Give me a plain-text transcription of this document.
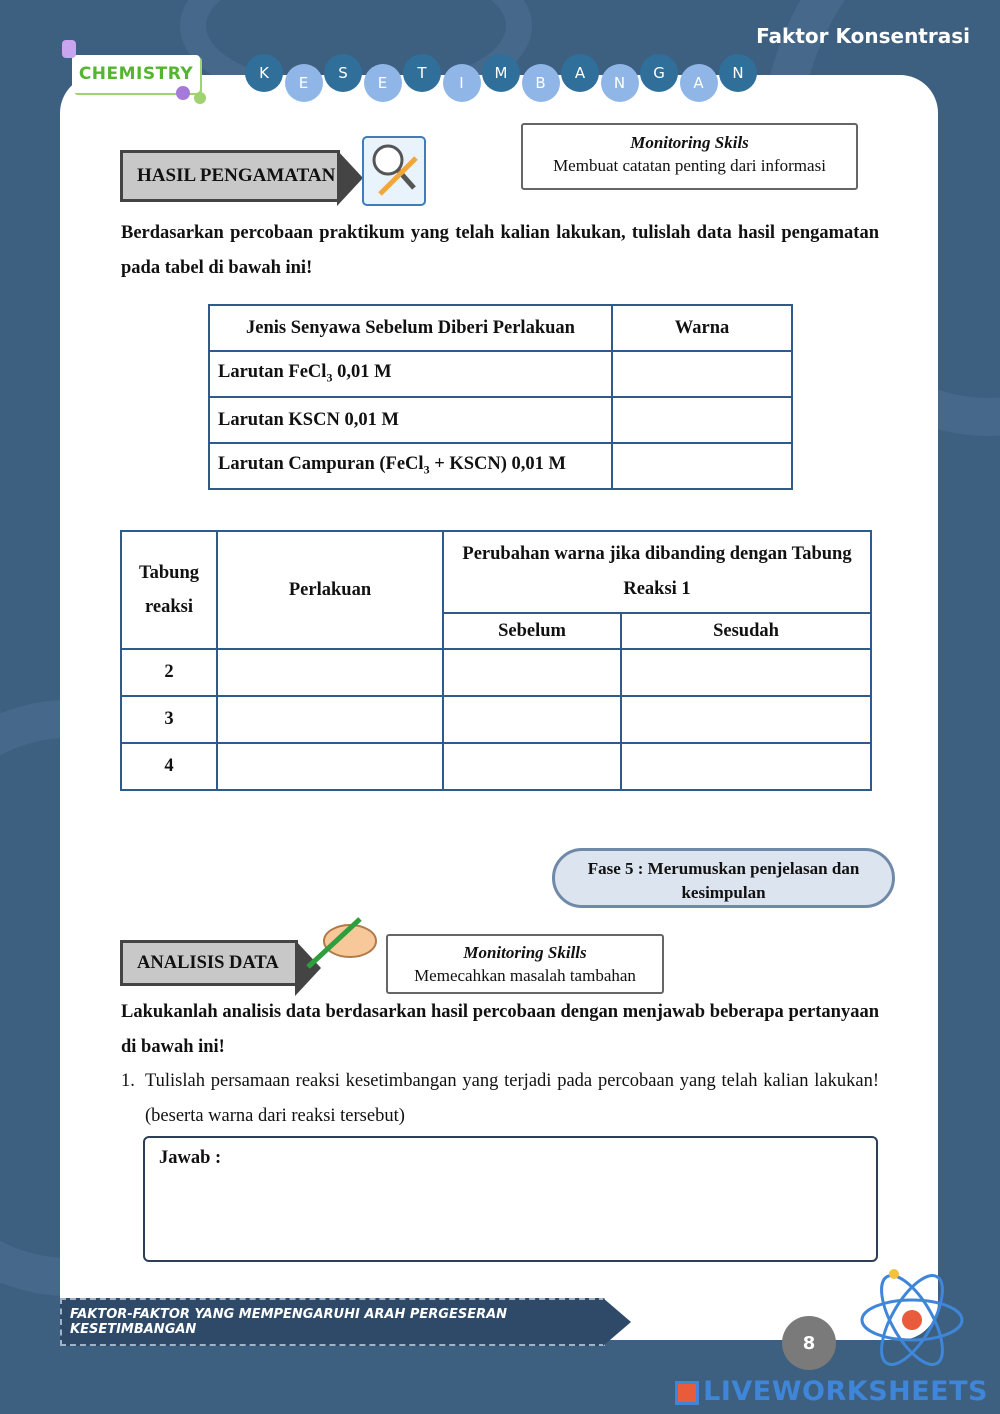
Faktor Konsentrasi
CHEMISTRY	K
E
S
E
T
I
M
B
A
N
G
A
N
HASIL PENGAMATAN
Monitoring Skils
Membuat catatan penting dari informasi
Berdasarkan percobaan praktikum yang telah kalian lakukan, tulislah data hasil pengamatan pada tabel di bawah ini!
Jenis Senyawa Sebelum Diberi Perlakuan	Warna
Larutan FeCl$_3$ 0,01 M	
Larutan KSCN 0,01 M	
Larutan Campuran (FeCl$_3$ + KSCN) 0,01 M	
Tabung reaksi	Perlakuan	Perubahan warna jika dibanding dengan Tabung Reaksi 1	
		Sebelum	Sesudah
2			
3			
4			
Fase 5 : Merumuskan penjelasan dan kesimpulan
ANALISIS DATA	Monitoring Skills
Memecahkan masalah tambahan
Lakukanlah analisis data berdasarkan hasil percobaan dengan menjawab beberapa pertanyaan di bawah ini!
1. Tulislah persamaan reaksi kesetimbangan yang terjadi pada percobaan yang telah kalian lakukan! (beserta warna dari reaksi tersebut)
Jawab :
FAKTOR-FAKTOR YANG MEMPENGARUHI ARAH PERGESERAN KESETIMBANGAN
8
LIVEWORKSHEETS
